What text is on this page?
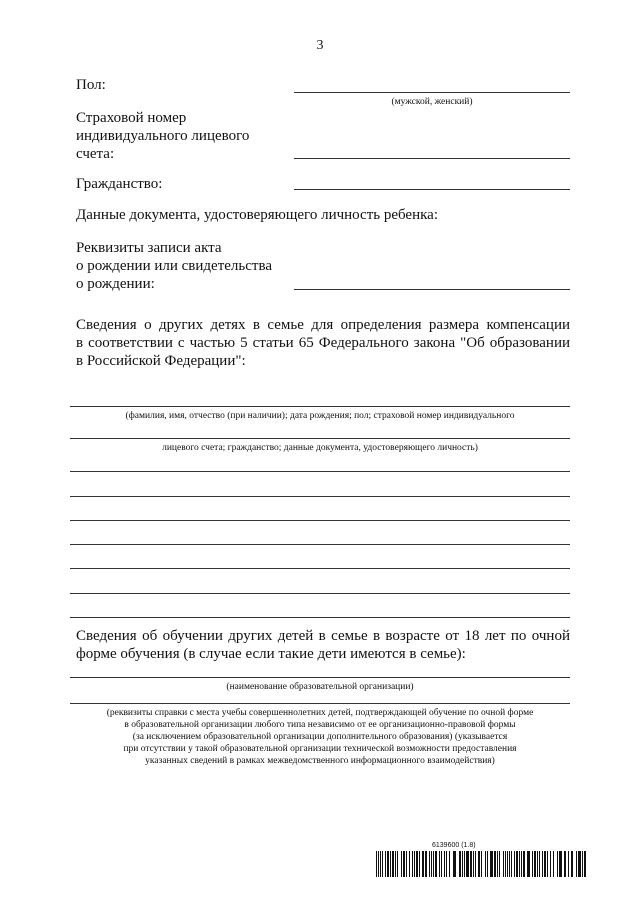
3
Пол:
(мужской, женский)
Страховой номер
индивидуального лицевого
счета:
Гражданство:
Данные документа, удостоверяющего личность ребенка:
Реквизиты записи акта
о рождении или свидетельства
о рождении:
Сведения о других детях в семье для определения размера компенсации
в соответствии с частью 5 статьи 65 Федерального закона "Об образовании
в Российской Федерации":
(фамилия, имя, отчество (при наличии); дата рождения; пол; страховой номер индивидуального
лицевого счета; гражданство; данные документа, удостоверяющего личность)
Сведения об обучении других детей в семье в возрасте от 18 лет по очной
форме обучения (в случае если такие дети имеются в семье):
(наименование образовательной организации)
(реквизиты справки с места учебы совершеннолетних детей, подтверждающей обучение по очной форме
в образовательной организации любого типа независимо от ее организационно-правовой формы
(за исключением образовательной организации дополнительного образования) (указывается
при отсутствии у такой образовательной организации технической возможности предоставления
указанных сведений в рамках межведомственного информационного взаимодействия)
6139600 (1.8)
